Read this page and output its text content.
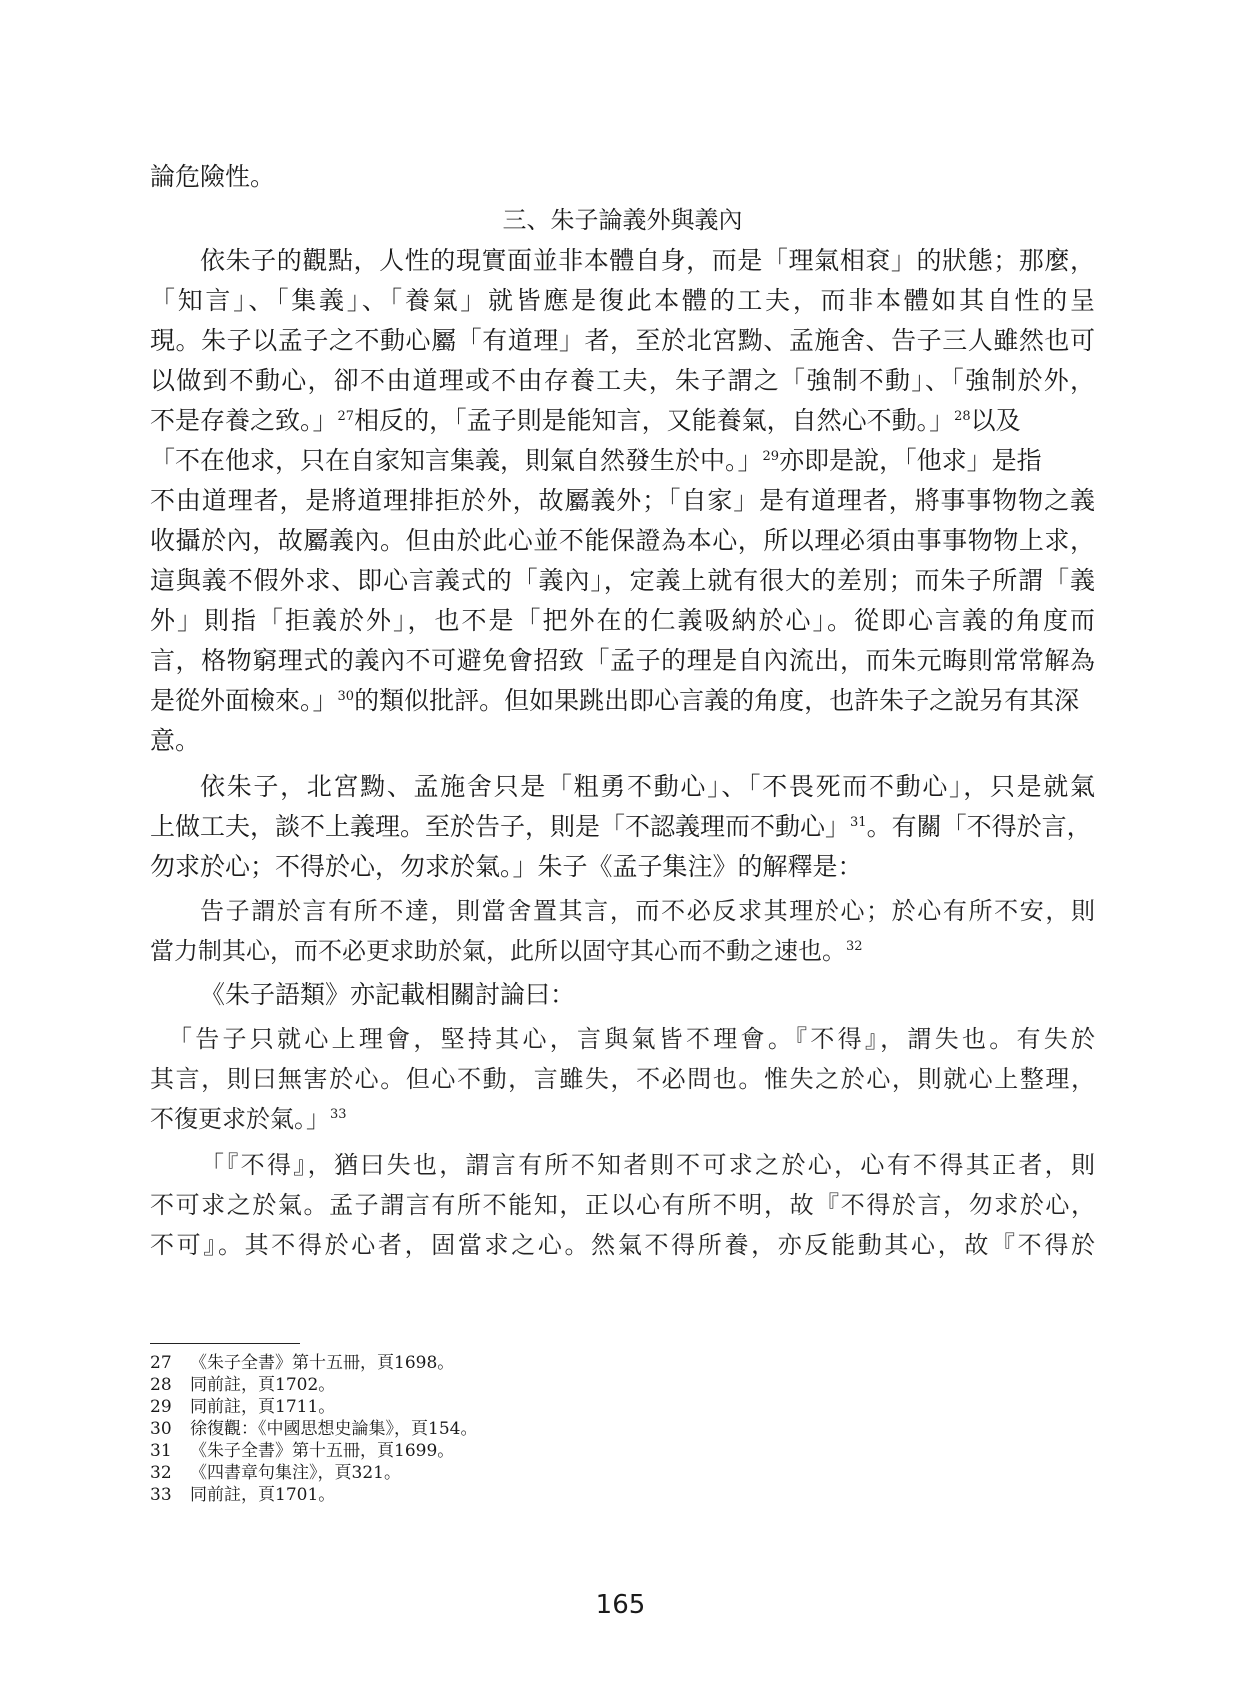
論危險性。
三、朱子論義外與義內
依朱子的觀點，人性的現實面並非本體自身，而是「理氣相袞」的狀態；那麼，
「知言」、「集義」、「養氣」就皆應是復此本體的工夫，而非本體如其自性的呈
現。朱子以孟子之不動心屬「有道理」者，至於北宮黝、孟施舍、告子三人雖然也可
以做到不動心，卻不由道理或不由存養工夫，朱子謂之「強制不動」、「強制於外，
不是存養之致。」$^{27}$相反的，「孟子則是能知言，又能養氣，自然心不動。」$^{28}$以及
「不在他求，只在自家知言集義，則氣自然發生於中。」$^{29}$亦即是說，「他求」是指
不由道理者，是將道理排拒於外，故屬義外；「自家」是有道理者，將事事物物之義
收攝於內，故屬義內。但由於此心並不能保證為本心，所以理必須由事事物物上求，
這與義不假外求、即心言義式的「義內」，定義上就有很大的差別；而朱子所謂「義
外」則指「拒義於外」，也不是「把外在的仁義吸納於心」。從即心言義的角度而
言，格物窮理式的義內不可避免會招致「孟子的理是自內流出，而朱元晦則常常解為
是從外面檢來。」$^{30}$的類似批評。但如果跳出即心言義的角度，也許朱子之說另有其深
意。
依朱子，北宮黝、孟施舍只是「粗勇不動心」、「不畏死而不動心」，只是就氣
上做工夫，談不上義理。至於告子，則是「不認義理而不動心」$^{31}$。有關「不得於言，
勿求於心；不得於心，勿求於氣。」朱子《孟子集注》的解釋是：
告子謂於言有所不達，則當舍置其言，而不必反求其理於心；於心有所不安，則
當力制其心，而不必更求助於氣，此所以固守其心而不動之速也。$^{32}$
《朱子語類》亦記載相關討論曰：
「告子只就心上理會，堅持其心，言與氣皆不理會。『不得』，謂失也。有失於
其言，則曰無害於心。但心不動，言雖失，不必問也。惟失之於心，則就心上整理，
不復更求於氣。」$^{33}$
「『不得』，猶曰失也，謂言有所不知者則不可求之於心，心有不得其正者，則
不可求之於氣。孟子謂言有所不能知，正以心有所不明，故『不得於言，勿求於心，
不可』。其不得於心者，固當求之心。然氣不得所養，亦反能動其心，故『不得於
27 《朱子全書》第十五冊，頁1698。
28 同前註，頁1702。
29 同前註，頁1711。
30 徐復觀：《中國思想史論集》，頁154。
31 《朱子全書》第十五冊，頁1699。
32 《四書章句集注》，頁321。
33 同前註，頁1701。
165
